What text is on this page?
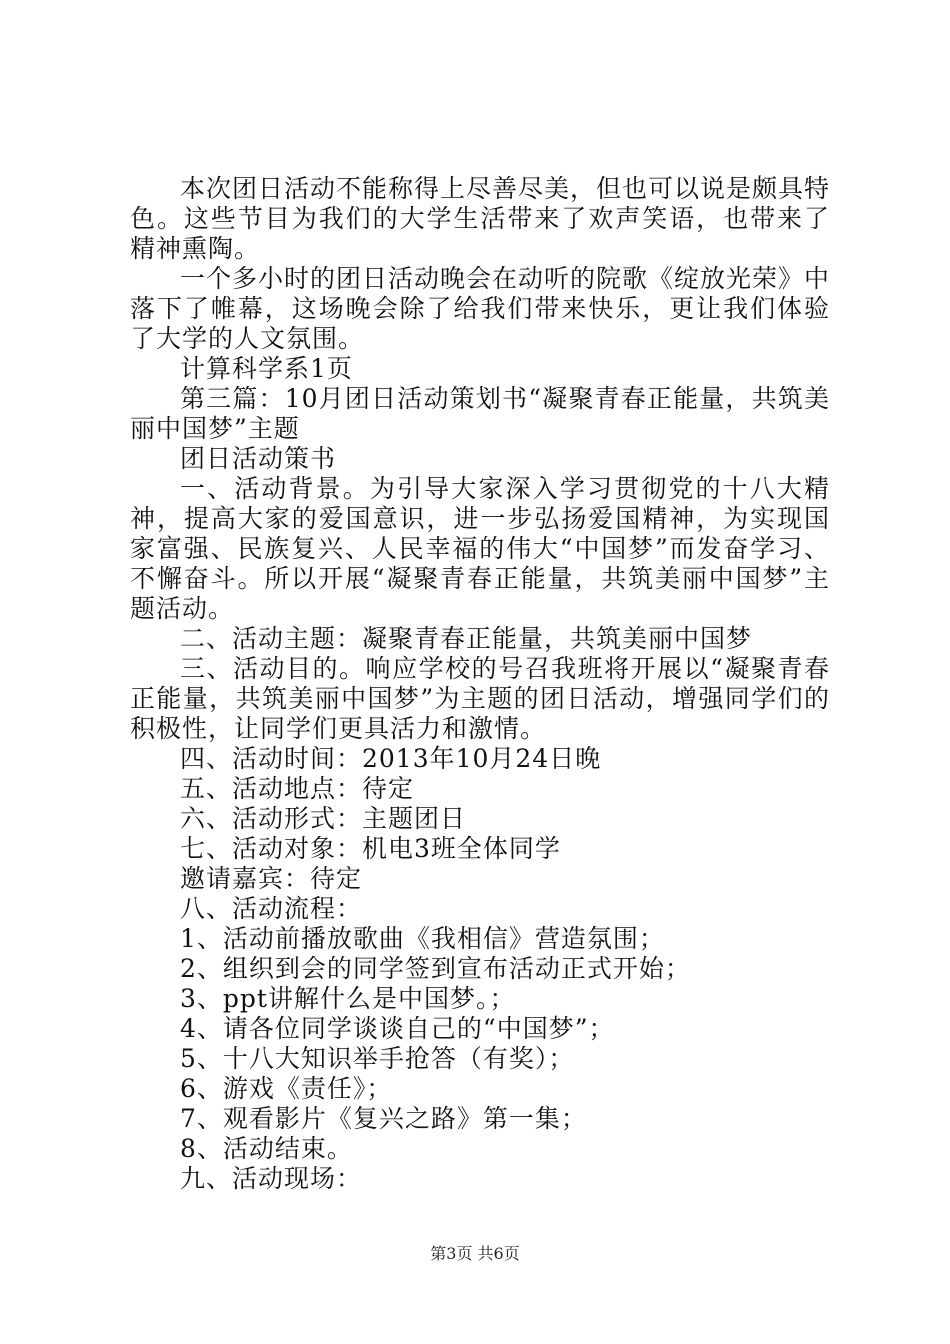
本次团日活动不能称得上尽善尽美，但也可以说是颇具特色。这些节目为我们的大学生活带来了欢声笑语，也带来了精神熏陶。

一个多小时的团日活动晚会在动听的院歌《绽放光荣》中落下了帷幕，这场晚会除了给我们带来快乐，更让我们体验了大学的人文氛围。

计算科学系1页

第三篇：10月团日活动策划书“凝聚青春正能量，共筑美丽中国梦”主题

团日活动策书

一、活动背景。为引导大家深入学习贯彻党的十八大精神，提高大家的爱国意识，进一步弘扬爱国精神，为实现国家富强、民族复兴、人民幸福的伟大“中国梦”而发奋学习、不懈奋斗。所以开展“凝聚青春正能量，共筑美丽中国梦”主题活动。

二、活动主题：凝聚青春正能量，共筑美丽中国梦

三、活动目的。响应学校的号召我班将开展以“凝聚青春正能量，共筑美丽中国梦”为主题的团日活动，增强同学们的积极性，让同学们更具活力和激情。

四、活动时间：2013年10月24日晚

五、活动地点：待定

六、活动形式：主题团日

七、活动对象：机电3班全体同学

邀请嘉宾：待定

八、活动流程：

1、活动前播放歌曲《我相信》营造氛围；

2、组织到会的同学签到宣布活动正式开始；

3、ppt讲解什么是中国梦。；

4、请各位同学谈谈自己的“中国梦”；

5、十八大知识举手抢答（有奖）；

6、游戏《责任》；

7、观看影片《复兴之路》第一集；

8、活动结束。

九、活动现场：

第3页 共6页
